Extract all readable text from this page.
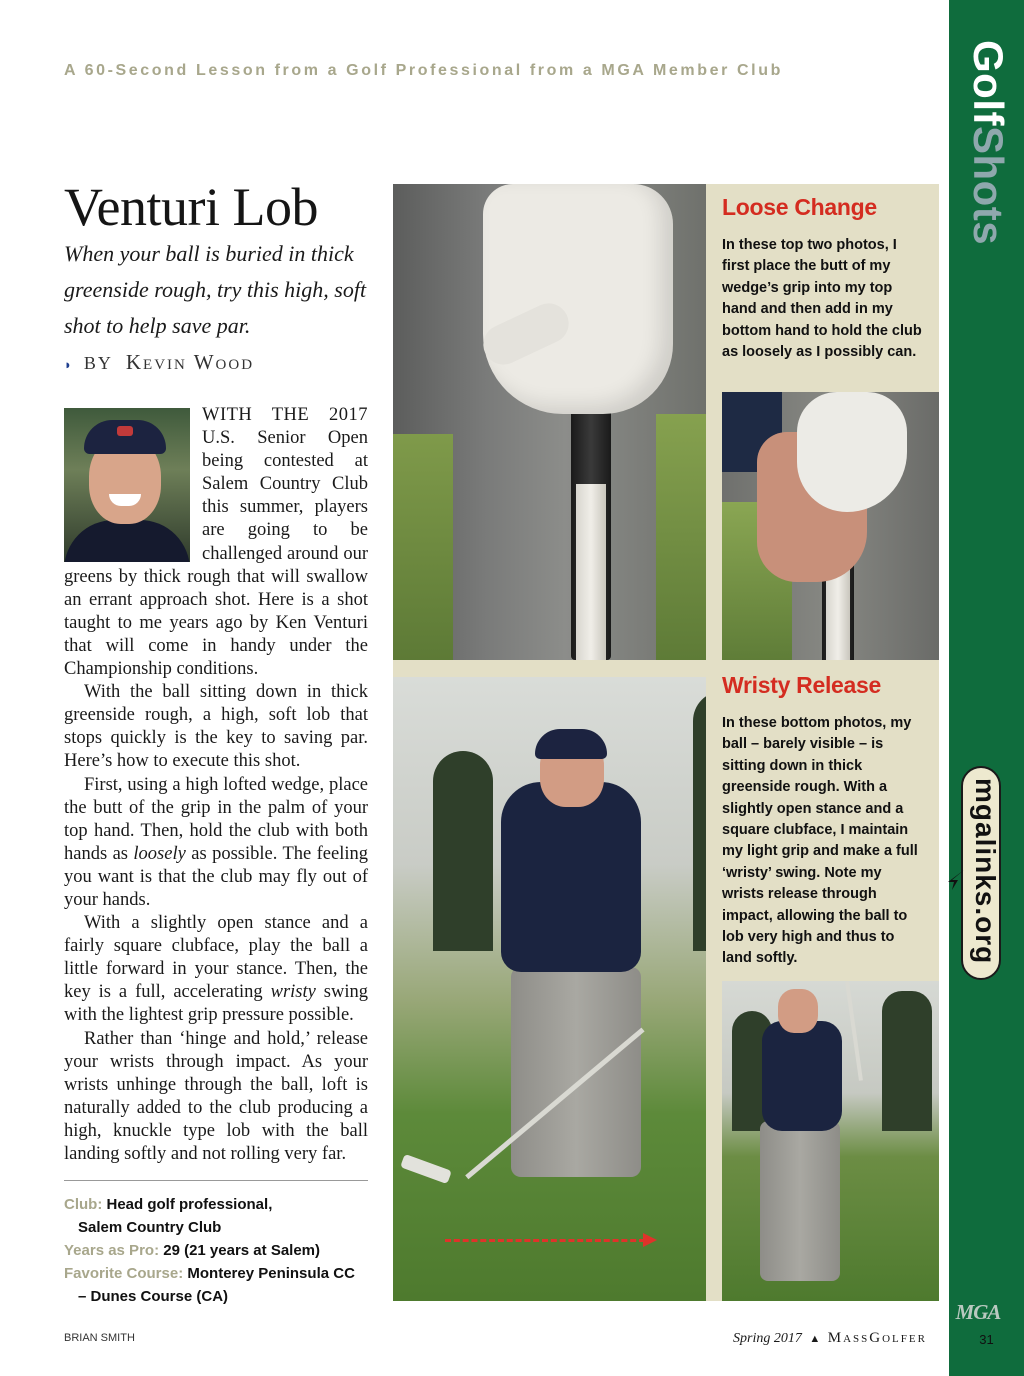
A 60-Second Lesson from a Golf Professional from a MGA Member Club
Venturi Lob
When your ball is buried in thick greenside rough, try this high, soft shot to help save par.
◗ BY Kevin Wood

WITH THE 2017 U.S. Senior Open being contested at Salem Country Club this summer, players are going to be challenged around our greens by thick rough that will swallow an errant approach shot. Here is a shot taught to me years ago by Ken Venturi that will come in handy under the Championship conditions.

With the ball sitting down in thick greenside rough, a high, soft lob that stops quickly is the key to saving par. Here’s how to execute this shot.

First, using a high lofted wedge, place the butt of the grip in the palm of your top hand. Then, hold the club with both hands as loosely as possible. The feeling you want is that the club may fly out of your hands.

With a slightly open stance and a fairly square clubface, play the ball a little forward in your stance. Then, the key is a full, accelerating wristy swing with the lightest grip pressure possible.

Rather than ‘hinge and hold,’ release your wrists through impact. As your wrists unhinge through the ball, loft is naturally added to the club producing a high, knuckle type lob with the ball landing softly and not rolling very far.

Club: Head golf professional,
Salem Country Club
Years as Pro: 29 (21 years at Salem)
Favorite Course: Monterey Peninsula CC
– Dunes Course (CA)
BRIAN SMITH
Loose Change

In these top two photos, I first place the butt of my wedge’s grip into my top hand and then add in my bottom hand to hold the club as loosely as I possibly can.

Wristy Release

In these bottom photos, my ball – barely visible – is sitting down in thick greenside rough. With a slightly open stance and a square clubface, I maintain my light grip and make a full ‘wristy’ swing. Note my wrists release through impact, allowing the ball to lob very high and thus to land softly.

GolfShots
mgalinks.org
MGA
31
Spring 2017 ▲ MassGolfer
